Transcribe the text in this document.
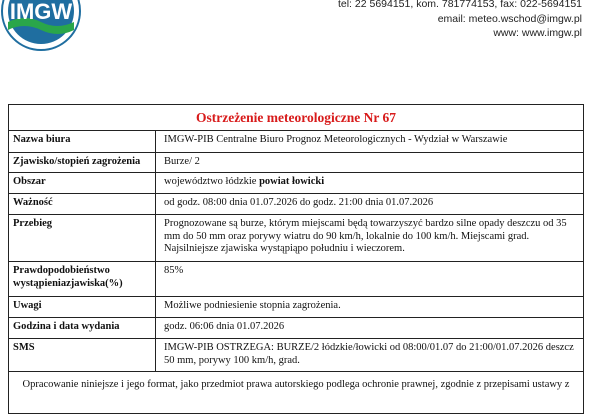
IMGW	tel: 22 5694151, kom. 781774153, fax: 022-5694151
email: meteo.wschod@imgw.pl
www: www.imgw.pl
Ostrzeżenie meteorologiczne Nr 67
Nazwa biura	IMGW-PIB Centralne Biuro Prognoz Meteorologicznych - Wydział w Warszawie
Zjawisko/stopień zagrożenia	Burze/ 2
Obszar	województwo łódzkie powiat łowicki
Ważność	od godz. 08:00 dnia 01.07.2026 do godz. 21:00 dnia 01.07.2026
Przebieg	Prognozowane są burze, którym miejscami będą towarzyszyć bardzo silne opady deszczu od 35 mm do 50 mm oraz porywy wiatru do 90 km/h, lokalnie do 100 km/h. Miejscami grad. Najsilniejsze zjawiska wystąpiąpo południu i wieczorem.
Prawdopodobieństwo wystąpieniazjawiska(%)	85%
Uwagi	Możliwe podniesienie stopnia zagrożenia.
Godzina i data wydania	godz. 06:06 dnia 01.07.2026
SMS	IMGW-PIB OSTRZEGA: BURZE/2 łódzkie/łowicki od 08:00/01.07 do 21:00/01.07.2026 deszcz 50 mm, porywy 100 km/h, grad.
Opracowanie niniejsze i jego format, jako przedmiot prawa autorskiego podlega ochronie prawnej, zgodnie z przepisami ustawy z
